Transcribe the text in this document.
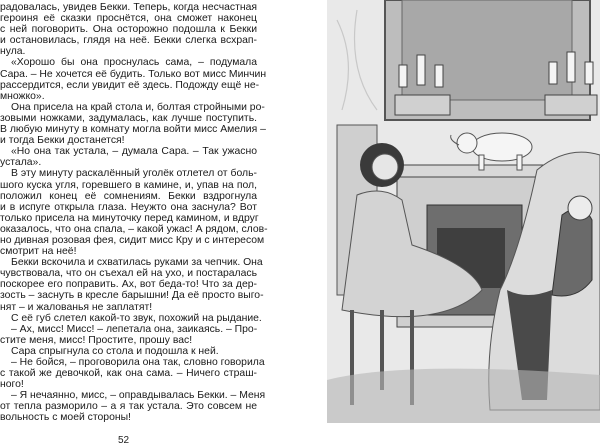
радовалась, увидев Бекки. Теперь, когда несчастная
героиня её сказки проснётся, она сможет наконец
с ней поговорить. Она осторожно подошла к Бекки
и остановилась, глядя на неё. Бекки слегка всхрап-
нула.
«Хорошо бы она проснулась сама, – подумала
Сара. – Не хочется её будить. Только вот мисс Минчин
рассердится, если увидит её здесь. Подожду ещё не-
множко».
Она присела на край стола и, болтая стройными ро-
зовыми ножками, задумалась, как лучше поступить.
В любую минуту в комнату могла войти мисс Амелия –
и тогда Бекки достанется!
«Но она так устала, – думала Сара. – Так ужасно
устала».
В эту минуту раскалённый уголёк отлетел от боль-
шого куска угля, горевшего в камине, и, упав на пол,
положил конец её сомнениям. Бекки вздрогнула
и в испуге открыла глаза. Неужто она заснула? Вот
только присела на минуточку перед камином, и вдруг
оказалось, что она спала, – какой ужас! А рядом, слов-
но дивная розовая фея, сидит мисс Кру и с интересом
смотрит на неё!
Бекки вскочила и схватилась руками за чепчик. Она
чувствовала, что он съехал ей на ухо, и постаралась
поскорее его поправить. Ах, вот беда-то! Что за дер-
зость – заснуть в кресле барышни! Да её просто выго-
нят – и жалованья не заплатят!
С её губ слетел какой-то звук, похожий на рыдание.
– Ах, мисс! Мисс! – лепетала она, заикаясь. – Про-
стите меня, мисс! Простите, прошу вас!
Сара спрыгнула со стола и подошла к ней.
– Не бойся, – проговорила она так, словно говорила
с такой же девочкой, как она сама. – Ничего страш-
ного!
– Я нечаянно, мисс, – оправдывалась Бекки. – Меня
от тепла разморило – а я так устала. Это совсем не
вольность с моей стороны!
52
